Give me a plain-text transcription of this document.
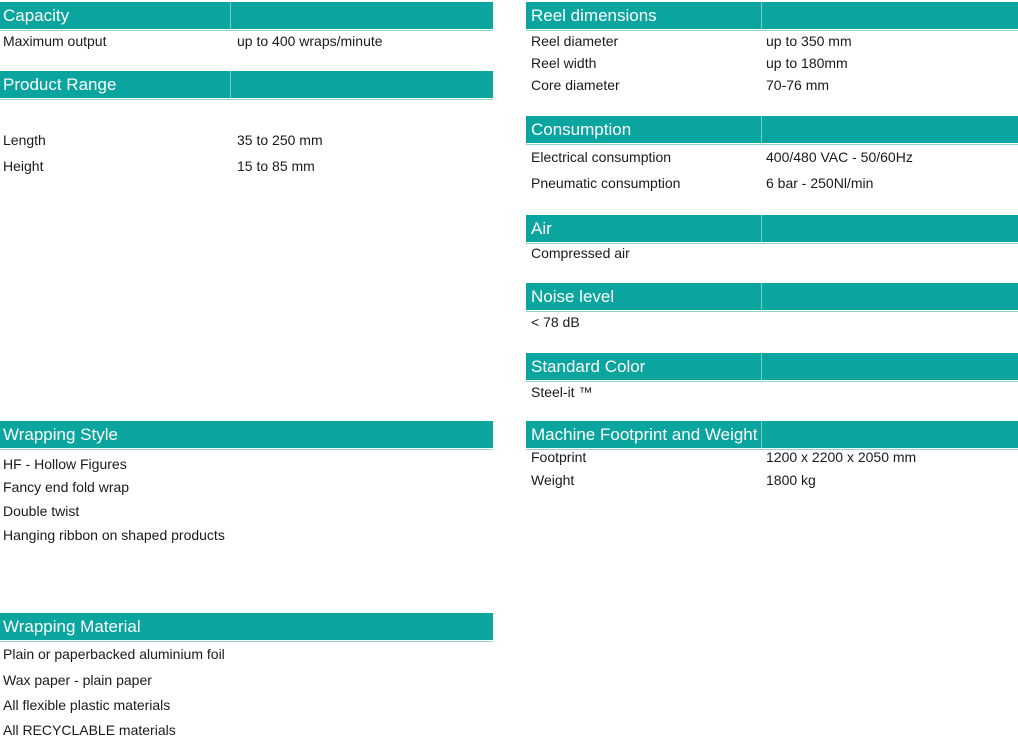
Capacity
Maximum output	up to 400 wraps/minute
Product Range
Length	35 to 250 mm
Height	15 to 85 mm
Wrapping Style
HF - Hollow Figures
Fancy end fold wrap
Double twist
Hanging ribbon on shaped products
Wrapping Material
Plain or paperbacked aluminium foil
Wax paper - plain paper
All flexible plastic materials
All RECYCLABLE materials
Reel dimensions
Reel diameter	up to 350 mm
Reel width	up to 180mm
Core diameter	70-76 mm
Consumption
Electrical consumption	400/480 VAC - 50/60Hz
Pneumatic consumption	6 bar - 250Nl/min
Air
Compressed air
Noise level
< 78 dB
Standard Color
Steel-it ™
Machine Footprint and Weight
Footprint	1200 x 2200 x 2050 mm
Weight	1800 kg
